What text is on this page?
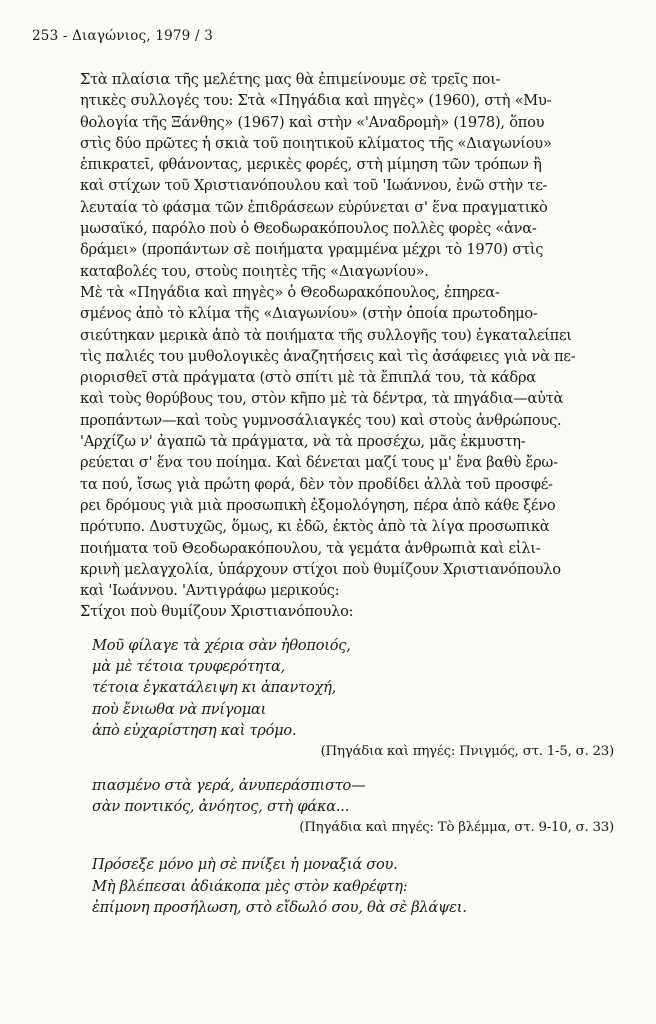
253 - Διαγώνιος, 1979 / 3
Στὰ πλαίσια τῆς μελέτης μας θὰ ἐπιμείνουμε σὲ τρεῖς ποι-
ητικὲς συλλογές του: Στὰ «Πηγάδια καὶ πηγὲς» (1960), στὴ «Μυ-
θολογία τῆς Ξάνθης» (1967) καὶ στὴν «'Αναδρομὴ» (1978), ὅπου
στὶς δύο πρῶτες ἡ σκιὰ τοῦ ποιητικοῦ κλίματος τῆς «Διαγωνίου»
ἐπικρατεῖ, φθάνοντας, μερικὲς φορές, στὴ μίμηση τῶν τρόπων ἢ
καὶ στίχων τοῦ Χριστιανόπουλου καὶ τοῦ 'Ιωάννου, ἐνῶ στὴν τε-
λευταία τὸ φάσμα τῶν ἐπιδράσεων εὐρύνεται σ' ἕνα πραγματικὸ
μωσαϊκό, παρόλο ποὺ ὁ Θεοδωρακόπουλος πολλὲς φορὲς «ἀνα-
δράμει» (προπάντων σὲ ποιήματα γραμμένα μέχρι τὸ 1970) στὶς
καταβολές του, στοὺς ποιητὲς τῆς «Διαγωνίου».
Μὲ τὰ «Πηγάδια καὶ πηγὲς» ὁ Θεοδωρακόπουλος, ἐπηρεα-
σμένος ἀπὸ τὸ κλίμα τῆς «Διαγωνίου» (στὴν ὁποία πρωτοδημο-
σιεύτηκαν μερικὰ ἀπὸ τὰ ποιήματα τῆς συλλογῆς του) ἐγκαταλείπει
τὶς παλιές του μυθολογικὲς ἀναζητήσεις καὶ τὶς ἀσάφειες γιὰ νὰ πε-
ριορισθεῖ στὰ πράγματα (στὸ σπίτι μὲ τὰ ἔπιπλά του, τὰ κάδρα
καὶ τοὺς θορύβους του, στὸν κῆπο μὲ τὰ δέντρα, τὰ πηγάδια—αὐτὰ
προπάντων—καὶ τοὺς γυμνοσάλιαγκές του) καὶ στοὺς ἀνθρώπους.
'Αρχίζω ν' ἀγαπῶ τὰ πράγματα, νὰ τὰ προσέχω, μᾶς ἐκμυστη-
ρεύεται σ' ἕνα του ποίημα. Καὶ δένεται μαζί τους μ' ἕνα βαθὺ ἔρω-
τα πού, ἴσως γιὰ πρώτη φορά, δὲν τὸν προδίδει ἀλλὰ τοῦ προσφέ-
ρει δρόμους γιὰ μιὰ προσωπικὴ ἐξομολόγηση, πέρα ἀπὸ κάθε ξένο
πρότυπο. Δυστυχῶς, ὅμως, κι ἐδῶ, ἐκτὸς ἀπὸ τὰ λίγα προσωπικὰ
ποιήματα τοῦ Θεοδωρακόπουλου, τὰ γεμάτα ἀνθρωπιὰ καὶ εἰλι-
κρινὴ μελαγχολία, ὑπάρχουν στίχοι ποὺ θυμίζουν Χριστιανόπουλο
καὶ 'Ιωάννου. 'Αντιγράφω μερικούς:
Στίχοι ποὺ θυμίζουν Χριστιανόπουλο:
Μοῦ φίλαγε τὰ χέρια σὰν ἠθοποιός,
μὰ μὲ τέτοια τρυφερότητα,
τέτοια ἐγκατάλειψη κι ἀπαντοχή,
ποὺ ἔνιωθα νὰ πνίγομαι
ἀπὸ εὐχαρίστηση καὶ τρόμο.
(Πηγάδια καὶ πηγές: Πνιγμός, στ. 1-5, σ. 23)
πιασμένο στὰ γερά, ἀνυπεράσπιστο—
σὰν ποντικός, ἀνόητος, στὴ φάκα...
(Πηγάδια καὶ πηγές: Τὸ βλέμμα, στ. 9-10, σ. 33)
Πρόσεξε μόνο μὴ σὲ πνίξει ἡ μοναξιά σου.
Μὴ βλέπεσαι ἀδιάκοπα μὲς στὸν καθρέφτη:
ἐπίμονη προσήλωση, στὸ εἴδωλό σου, θὰ σὲ βλάψει.
